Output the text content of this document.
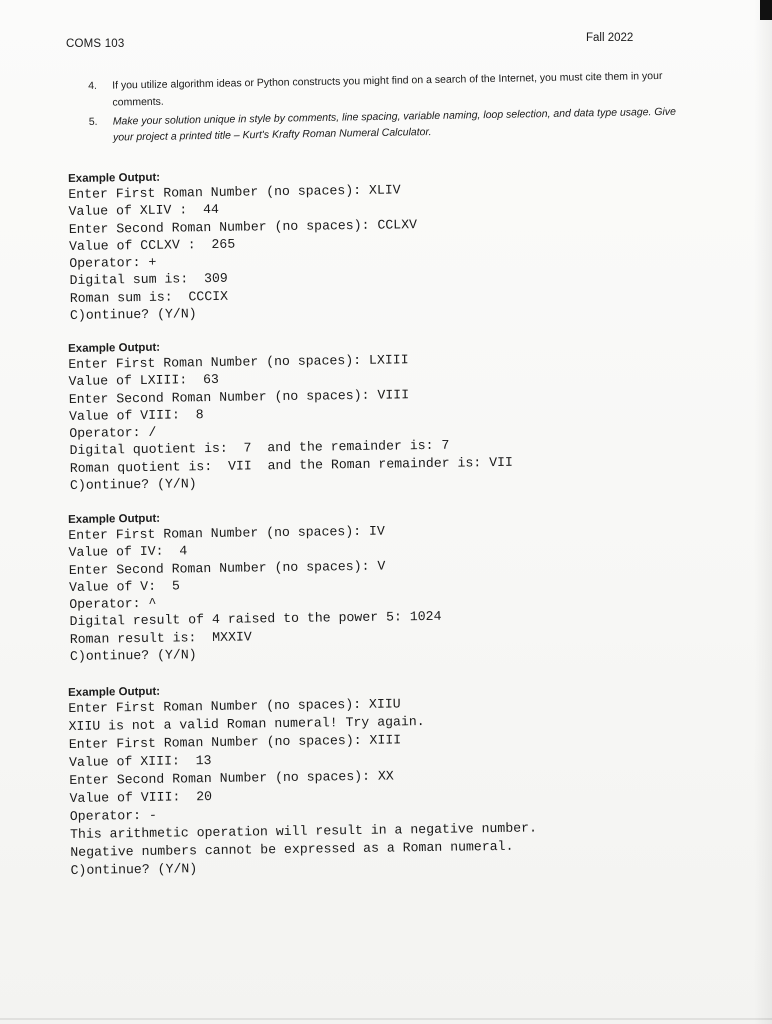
COMS 103	Fall 2022
4. If you utilize algorithm ideas or Python constructs you might find on a search of the Internet, you must cite them in your comments.
5. Make your solution unique in style by comments, line spacing, variable naming, loop selection, and data type usage. Give your project a printed title – Kurt's Krafty Roman Numeral Calculator.
Example Output:
Enter First Roman Number (no spaces): XLIV
Value of XLIV :  44
Enter Second Roman Number (no spaces): CCLXV
Value of CCLXV :  265
Operator: +
Digital sum is:  309
Roman sum is:  CCCIX
C)ontinue? (Y/N)
Example Output:
Enter First Roman Number (no spaces): LXIII
Value of LXIII:  63
Enter Second Roman Number (no spaces): VIII
Value of VIII:  8
Operator: /
Digital quotient is:  7  and the remainder is: 7
Roman quotient is:  VII  and the Roman remainder is: VII
C)ontinue? (Y/N)
Example Output:
Enter First Roman Number (no spaces): IV
Value of IV:  4
Enter Second Roman Number (no spaces): V
Value of V:  5
Operator: ^
Digital result of 4 raised to the power 5: 1024
Roman result is:  MXXIV
C)ontinue? (Y/N)
Example Output:
Enter First Roman Number (no spaces): XIIU
XIIU is not a valid Roman numeral! Try again.
Enter First Roman Number (no spaces): XIII
Value of XIII:  13
Enter Second Roman Number (no spaces): XX
Value of VIII:  20
Operator: -
This arithmetic operation will result in a negative number.
Negative numbers cannot be expressed as a Roman numeral.
C)ontinue? (Y/N)
